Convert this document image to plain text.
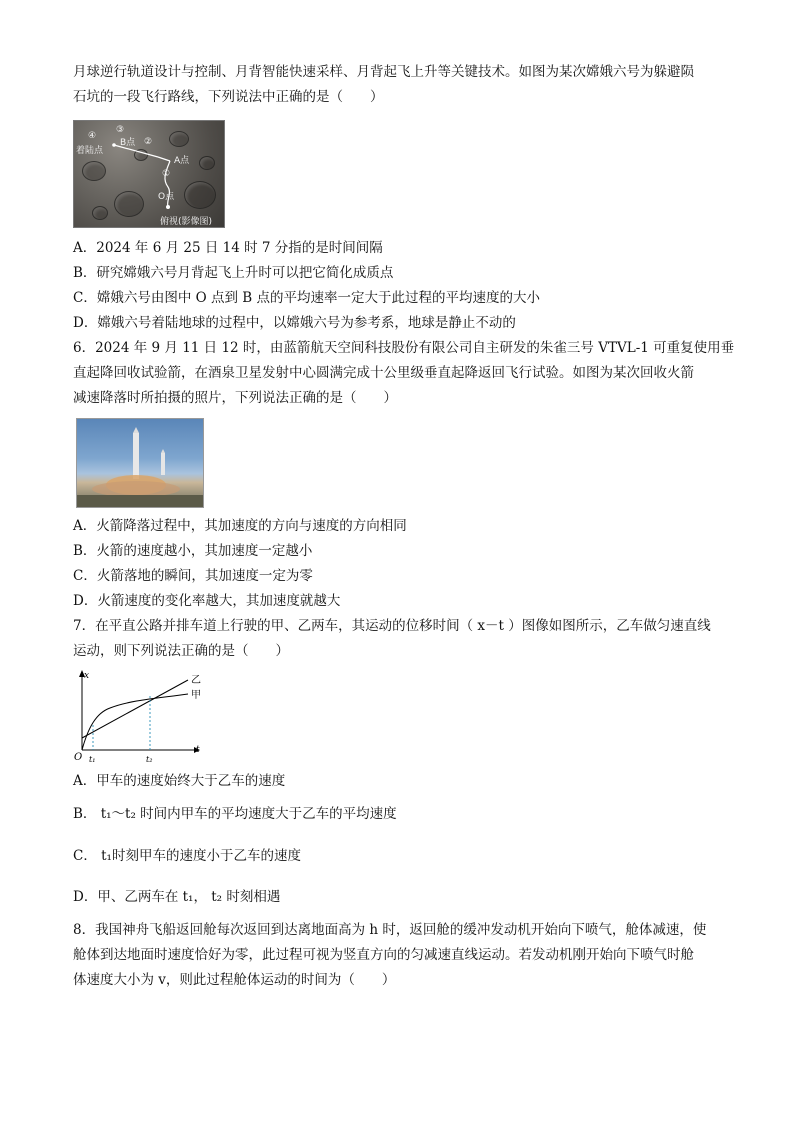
月球逆行轨道设计与控制、月背智能快速采样、月背起飞上升等关键技术。如图为某次嫦娥六号为躲避陨
石坑的一段飞行路线，下列说法中正确的是（　　）
④
着陆点
③
B点 ②
A点
①
O点
俯视(影像图)
A．2024 年 6 月 25 日 14 时 7 分指的是时间间隔
B．研究嫦娥六号月背起飞上升时可以把它简化成质点
C．嫦娥六号由图中 O 点到 B 点的平均速率一定大于此过程的平均速度的大小
D．嫦娥六号着陆地球的过程中，以嫦娥六号为参考系，地球是静止不动的
6．2024 年 9 月 11 日 12 时，由蓝箭航天空间科技股份有限公司自主研发的朱雀三号 VTVL-1 可重复使用垂
直起降回收试验箭，在酒泉卫星发射中心圆满完成十公里级垂直起降返回飞行试验。如图为某次回收火箭
减速降落时所拍摄的照片，下列说法正确的是（　　）
A．火箭降落过程中，其加速度的方向与速度的方向相同
B．火箭的速度越小，其加速度一定越小
C．火箭落地的瞬间，其加速度一定为零
D．火箭速度的变化率越大，其加速度就越大
7．在平直公路并排车道上行驶的甲、乙两车，其运动的位移时间（ x－t ）图像如图所示，乙车做匀速直线
运动，则下列说法正确的是（　　）
x
O t₁	t₂
t
乙
甲
A．甲车的速度始终大于乙车的速度
B． t₁～t₂ 时间内甲车的平均速度大于乙车的平均速度
C． t₁时刻甲车的速度小于乙车的速度
D．甲、乙两车在 t₁， t₂ 时刻相遇
8．我国神舟飞船返回舱每次返回到达离地面高为 h 时，返回舱的缓冲发动机开始向下喷气，舱体减速，使
舱体到达地面时速度恰好为零，此过程可视为竖直方向的匀减速直线运动。若发动机刚开始向下喷气时舱
体速度大小为 v，则此过程舱体运动的时间为（　　）
